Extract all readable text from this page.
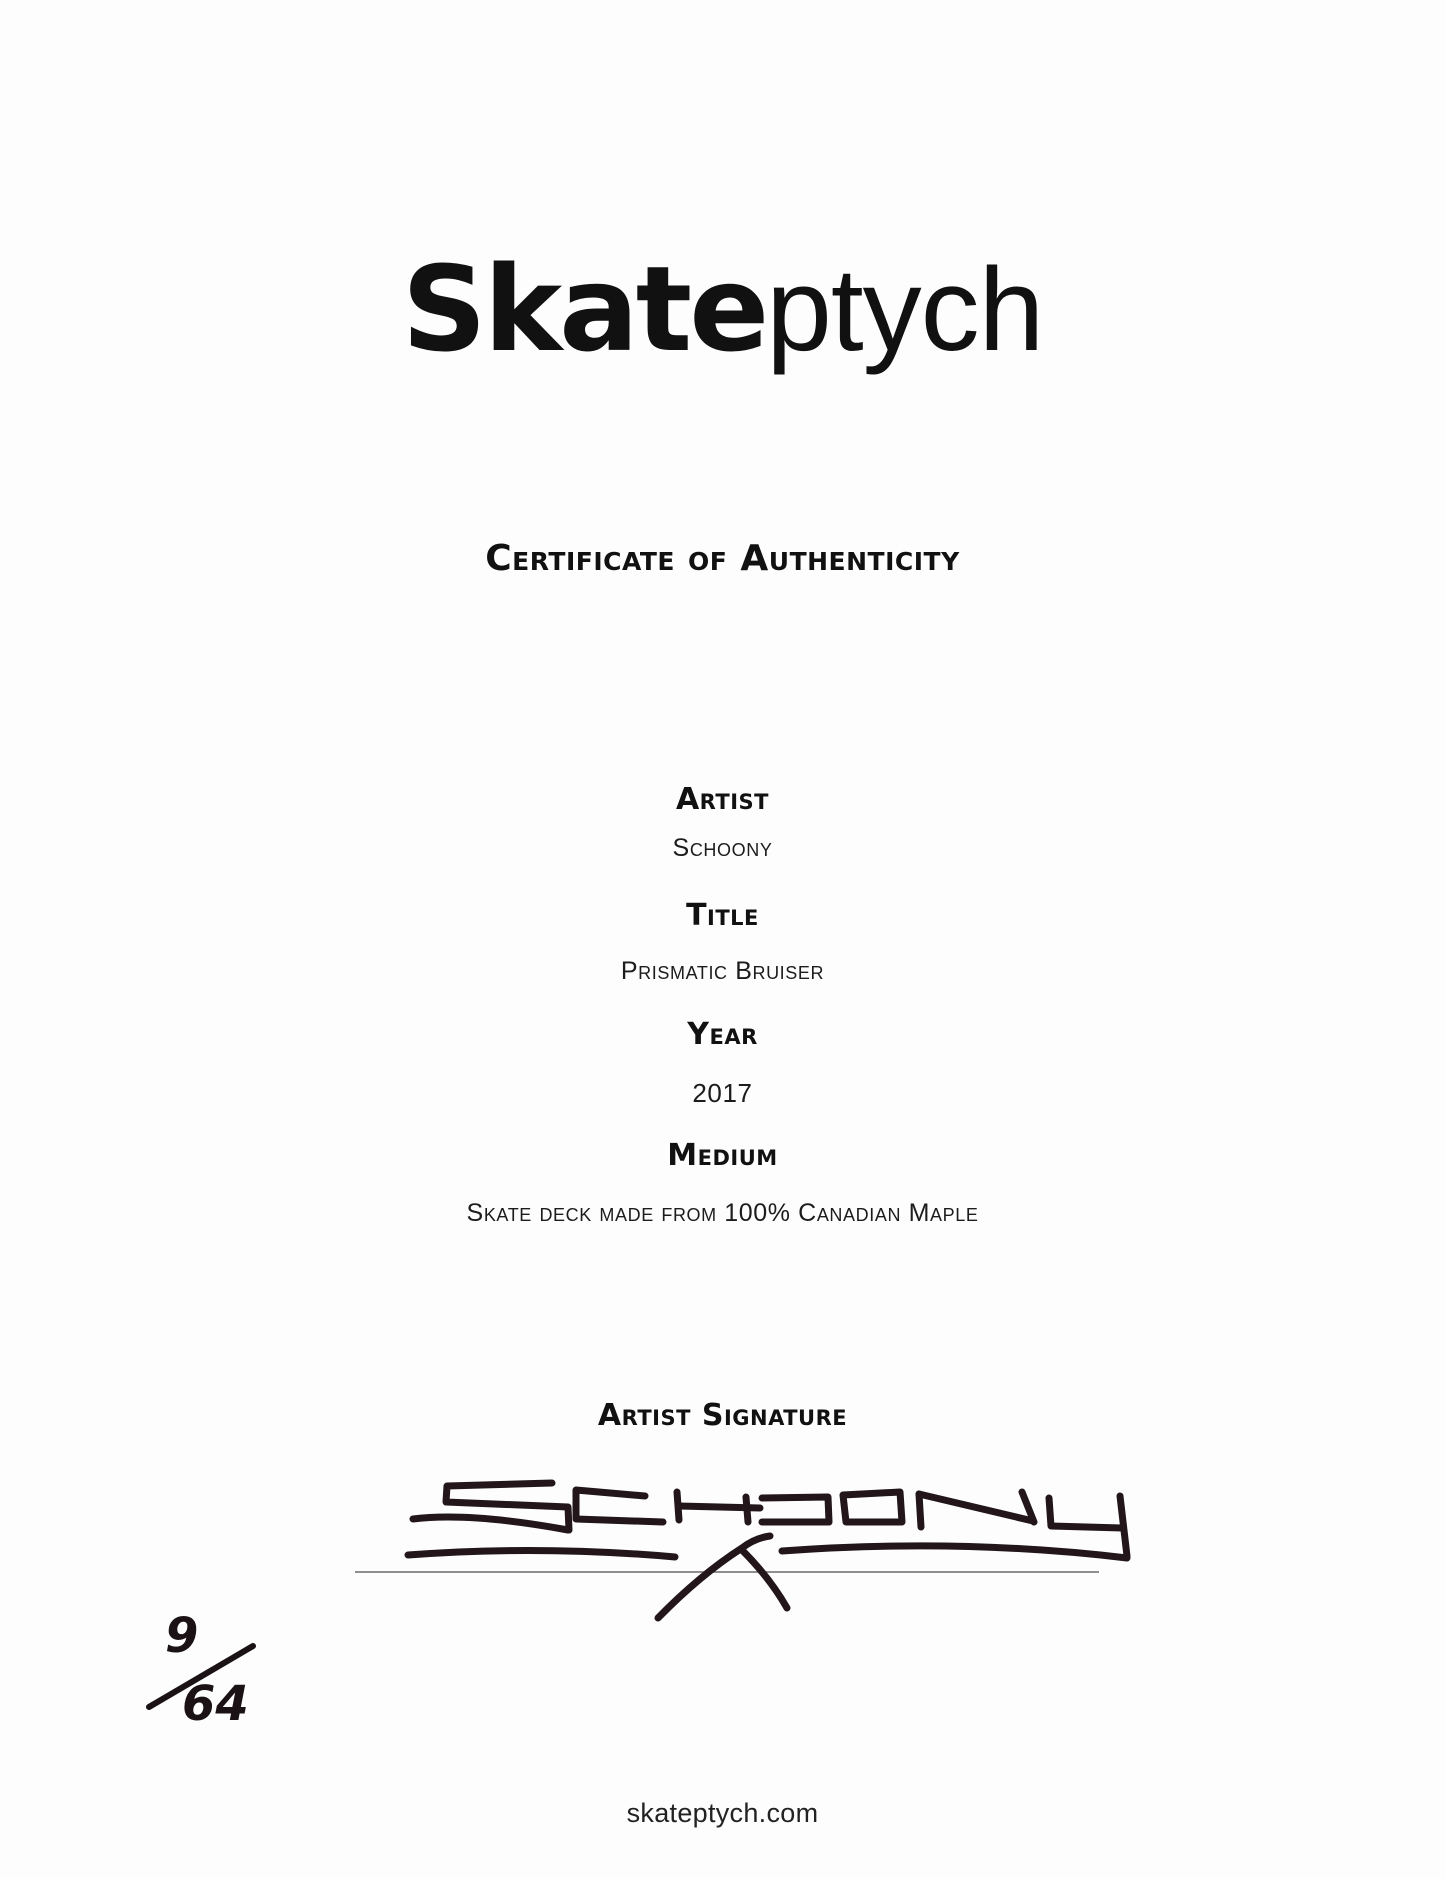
Skateptych
Certificate of Authenticity
Artist
Schoony
Title
Prismatic Bruiser
Year
2017
Medium
Skate deck made from 100% Canadian Maple
Artist Signature
9
64
skateptych.com
